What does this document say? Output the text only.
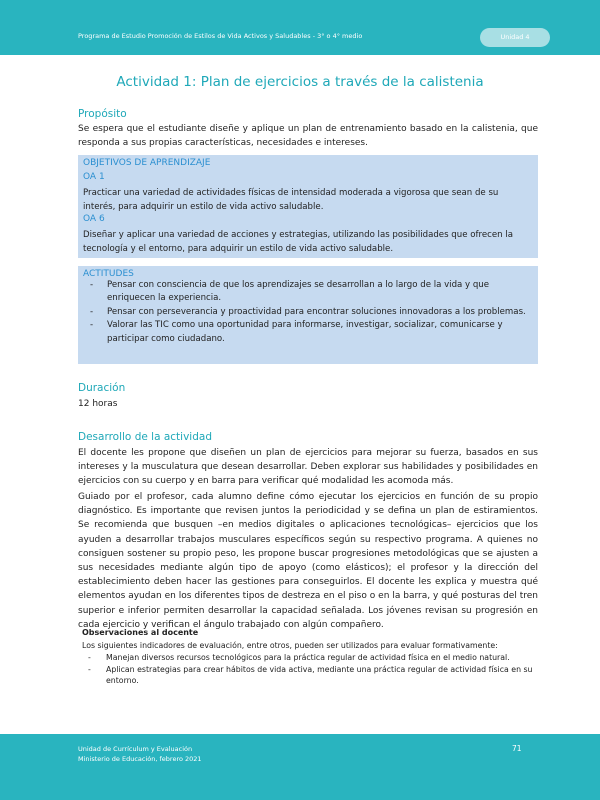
Programa de Estudio Promoción de Estilos de Vida Activos y Saludables - 3° o 4° medio	Unidad 4
Actividad 1: Plan de ejercicios a través de la calistenia
Propósito

Se espera que el estudiante diseñe y aplique un plan de entrenamiento basado en la calistenia, que responda a sus propias características, necesidades e intereses.

OBJETIVOS DE APRENDIZAJE
OA 1

Practicar una variedad de actividades físicas de intensidad moderada a vigorosa que sean de su interés, para adquirir un estilo de vida activo saludable.

OA 6

Diseñar y aplicar una variedad de acciones y estrategias, utilizando las posibilidades que ofrecen la tecnología y el entorno, para adquirir un estilo de vida activo saludable.

ACTITUDES
- Pensar con consciencia de que los aprendizajes se desarrollan a lo largo de la vida y que enriquecen la experiencia.
- Pensar con perseverancia y proactividad para encontrar soluciones innovadoras a los problemas.
- Valorar las TIC como una oportunidad para informarse, investigar, socializar, comunicarse y participar como ciudadano.
Duración

12 horas

Desarrollo de la actividad

El docente les propone que diseñen un plan de ejercicios para mejorar su fuerza, basados en sus intereses y la musculatura que desean desarrollar. Deben explorar sus habilidades y posibilidades en ejercicios con su cuerpo y en barra para verificar qué modalidad les acomoda más.

Guiado por el profesor, cada alumno define cómo ejecutar los ejercicios en función de su propio diagnóstico. Es importante que revisen juntos la periodicidad y se defina un plan de estiramientos. Se recomienda que busquen –en medios digitales o aplicaciones tecnológicas– ejercicios que los ayuden a desarrollar trabajos musculares específicos según su respectivo programa. A quienes no consiguen sostener su propio peso, les propone buscar progresiones metodológicas que se ajusten a sus necesidades mediante algún tipo de apoyo (como elásticos); el profesor y la dirección del establecimiento deben hacer las gestiones para conseguirlos. El docente les explica y muestra qué elementos ayudan en los diferentes tipos de destreza en el piso o en la barra, y qué posturas del tren superior e inferior permiten desarrollar la capacidad señalada. Los jóvenes revisan su progresión en cada ejercicio y verifican el ángulo trabajado con algún compañero.

Observaciones al docente

Los siguientes indicadores de evaluación, entre otros, pueden ser utilizados para evaluar formativamente:

- Manejan diversos recursos tecnológicos para la práctica regular de actividad física en el medio natural.
- Aplican estrategias para crear hábitos de vida activa, mediante una práctica regular de actividad física en su entorno.
Unidad de Currículum y Evaluación
Ministerio de Educación, febrero 2021
71
